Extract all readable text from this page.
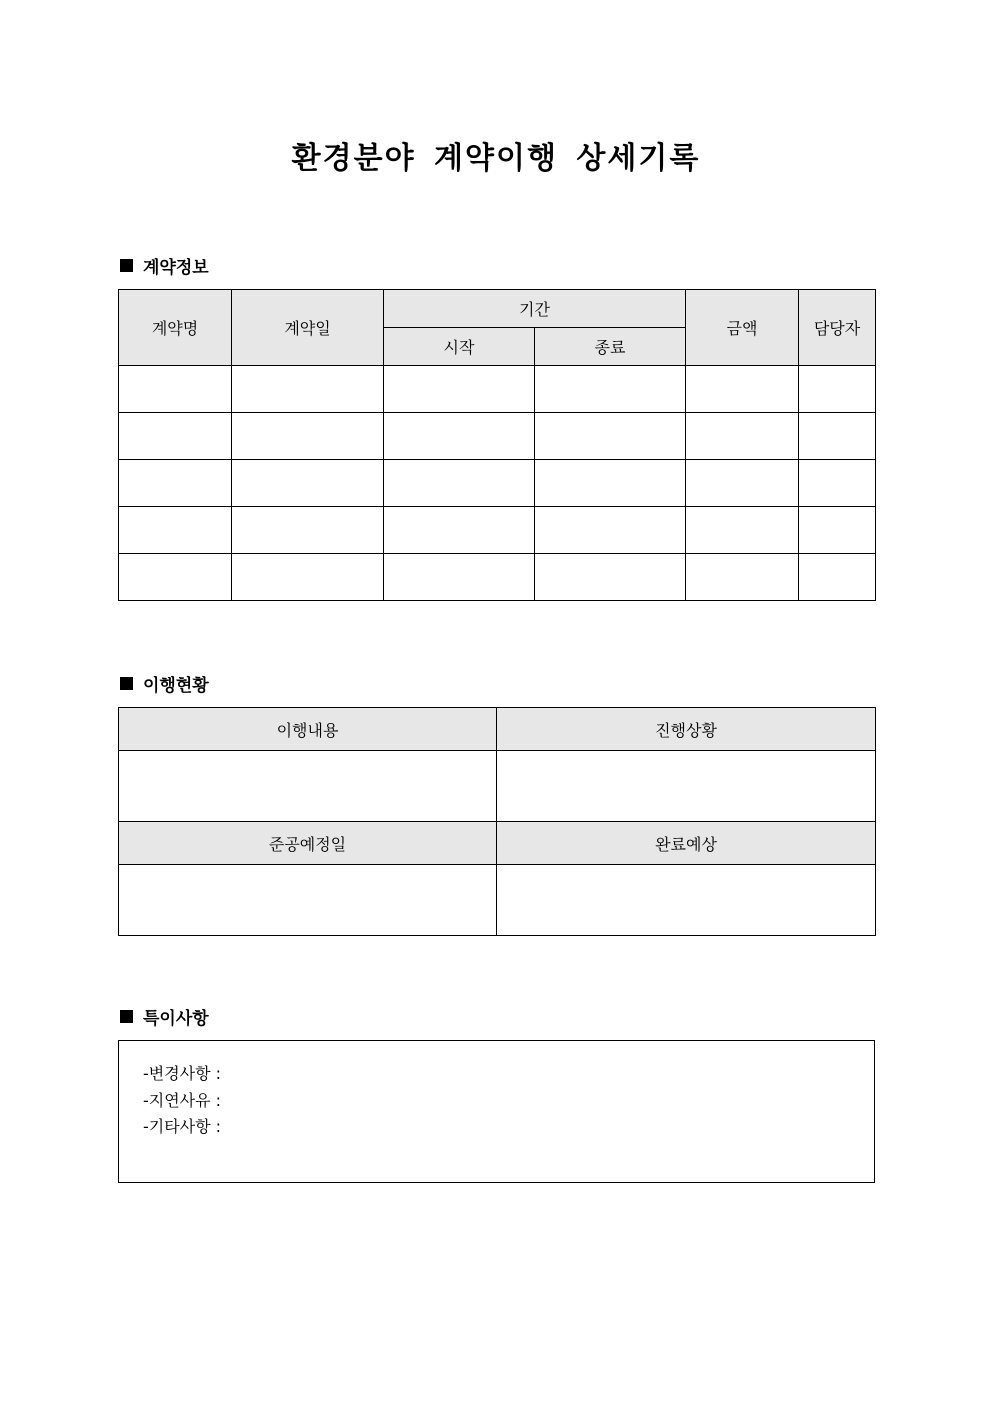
환경분야 계약이행 상세기록
계약정보
계약명	계약일	기간		금액	담당자
		시작	종료		

이행현황
이행내용	진행상황

준공예정일	완료예상

특이사항
-변경사항 :
-지연사유 :
-기타사항 :
